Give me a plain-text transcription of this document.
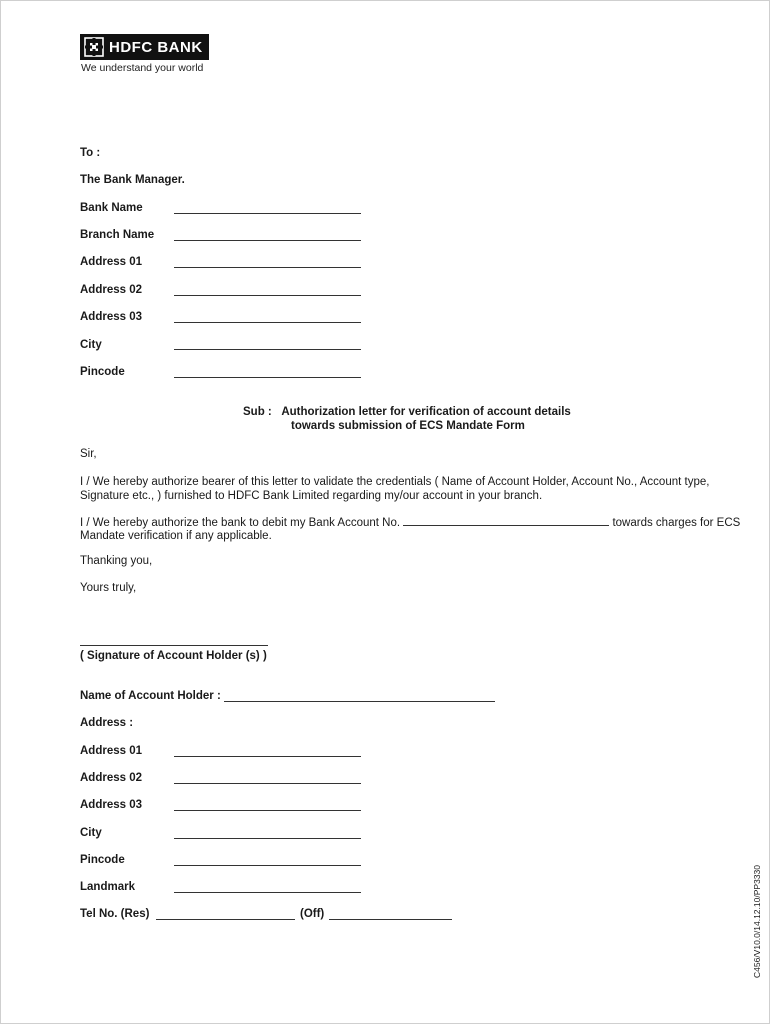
HDFC BANK
We understand your world
To :
The Bank Manager.
Bank Name
Branch Name
Address 01
Address 02
Address 03
City
Pincode
Sub : Authorization letter for verification of account details
towards submission of ECS Mandate Form
Sir,
I / We hereby authorize bearer of this letter to validate the credentials ( Name of Account Holder, Account No., Account type,
Signature etc., ) furnished to HDFC Bank Limited regarding my/our account in your branch.
I / We hereby authorize the bank to debit my Bank Account No.	towards charges for ECS
Mandate verification if any applicable.
Thanking you,
Yours truly,
( Signature of Account Holder (s) )
Name of Account Holder :
Address :
Address 01
Address 02
Address 03
City
Pincode
Landmark
Tel No. (Res)	(Off)	C456/V10.0/14.12.10/PP3330
